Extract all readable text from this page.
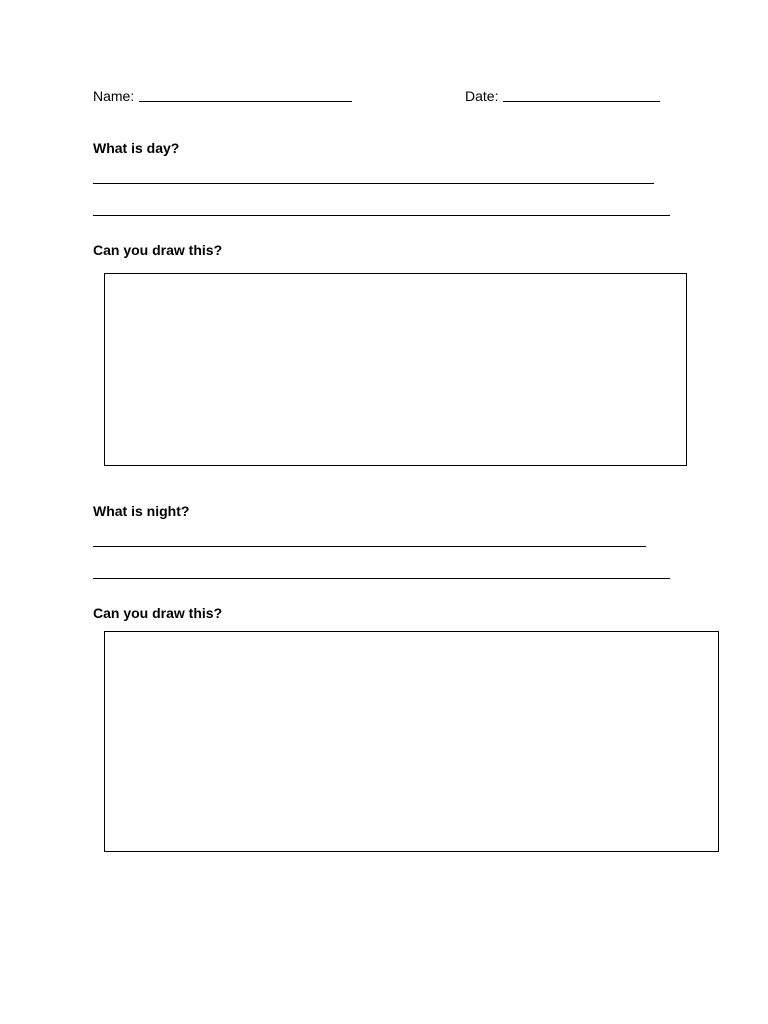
Name:	Date:
What is day?
Can you draw this?
What is night?
Can you draw this?
